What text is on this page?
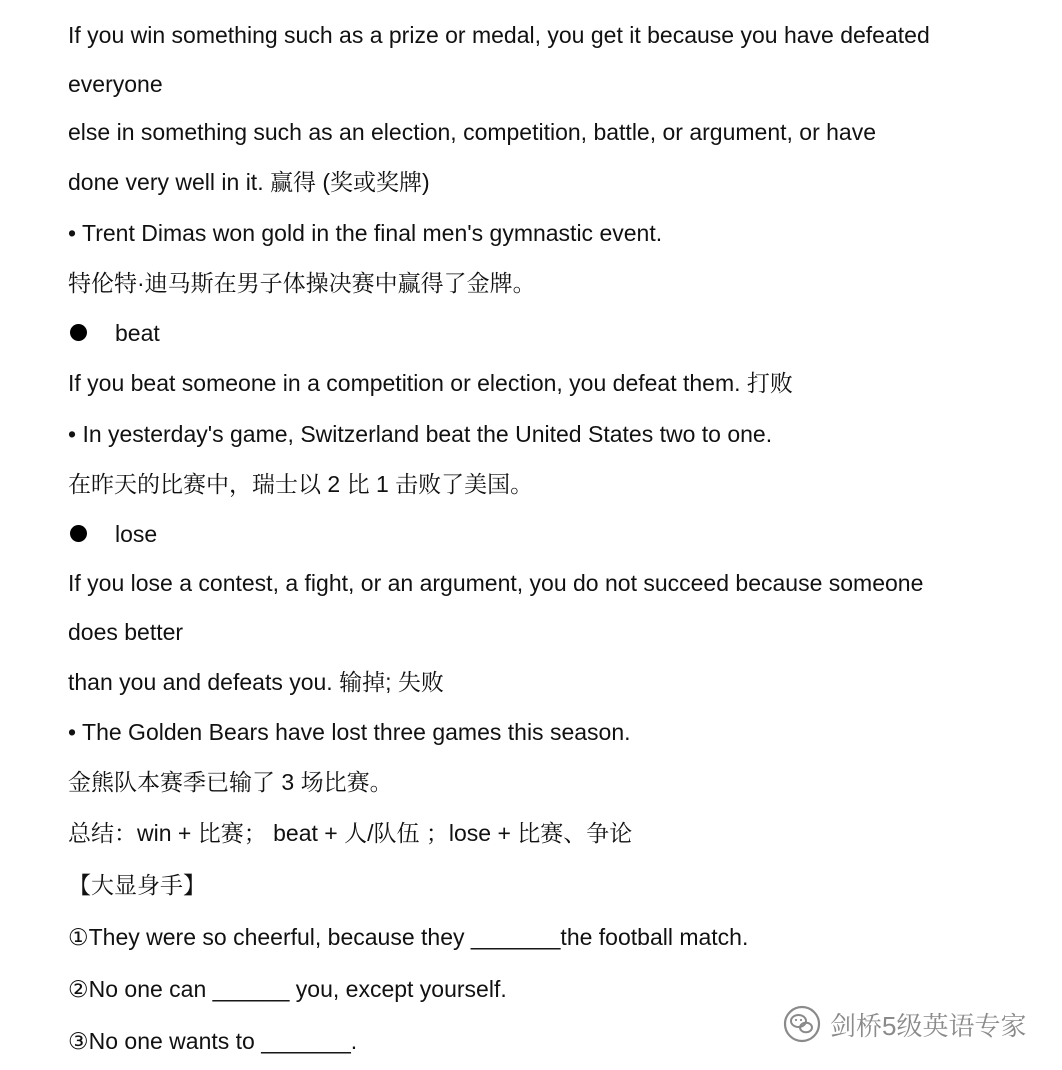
If you win something such as a prize or medal, you get it because you have defeated
everyone
else in something such as an election, competition, battle, or argument, or have
done very well in it. 赢得 (奖或奖牌)
• Trent Dimas won gold in the final men's gymnastic event.
特伦特·迪马斯在男子体操决赛中赢得了金牌。
beat
If you beat someone in a competition or election, you defeat them. 打败
• In yesterday's game, Switzerland beat the United States two to one.
在昨天的比赛中，瑞士以 2 比 1 击败了美国。
lose
If you lose a contest, a fight, or an argument, you do not succeed because someone
does better
than you and defeats you. 输掉; 失败
• The Golden Bears have lost three games this season.
金熊队本赛季已输了 3 场比赛。
总结：win + 比赛； beat + 人/队伍 ；lose + 比赛、争论
【大显身手】
①They were so cheerful, because they _______the football match.
②No one can ______ you, except yourself.
③No one wants to _______.
剑桥5级英语专家
